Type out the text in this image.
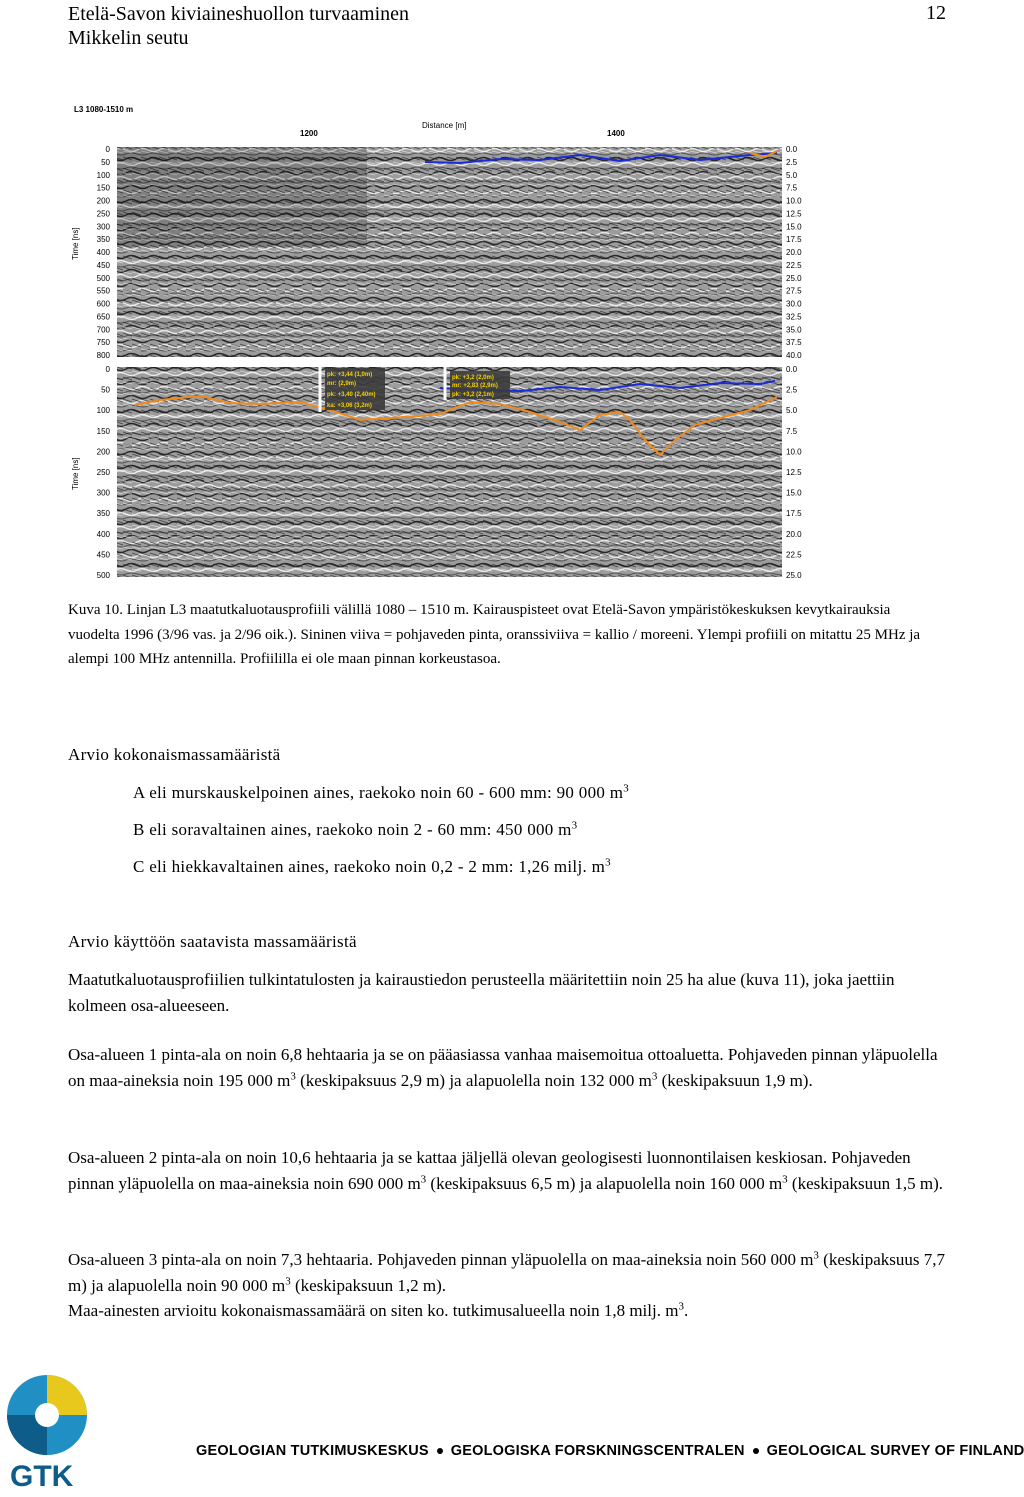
Etelä-Savon kiviaineshuollon turvaaminen
Mikkelin seutu
12
L3 1080-1510 m
Distance [m]
1200	1400
Time [ns]
0
50
100
150
200
250
300
350
400
450
500
550
600
650
700
750
800
0.0
2.5
5.0
7.5
10.0
12.5
15.0
17.5
20.0
22.5
25.0
27.5
30.0
32.5
35.0
37.5
40.0
Time [ns]
0
50
100
150
200
250
300
350
400
450
500
0.0
2.5
5.0
7.5
10.0
12.5
15.0
17.5
20.0
22.5
25.0
pk: +3,44 (1,0m)
mr: (2,9m)
pk: +3,40 (2,40m)
ka: +3,06 (3,2m)
pk: +3,2 (2,0m)
mr: +2,83 (2,9m)
pk: +3,2 (2,1m)
Kuva 10. Linjan L3 maatutkaluotausprofiili välillä 1080 – 1510 m. Kairauspisteet ovat Etelä-Savon ympäristökeskuksen kevytkairauksia vuodelta 1996 (3/96 vas. ja 2/96 oik.). Sininen viiva = pohjaveden pinta, oranssiviiva = kallio / moreeni. Ylempi profiili on mitattu 25 MHz ja alempi 100 MHz antennilla. Profiililla ei ole maan pinnan korkeustasoa.
Arvio kokonaismassamääristä
A eli murskauskelpoinen aines, raekoko noin 60 - 600 mm: 90 000 $m^3$
B eli soravaltainen aines, raekoko noin 2 - 60 mm: 450 000 $m^3$
C eli hiekkavaltainen aines, raekoko noin 0,2 - 2 mm: 1,26 milj. $m^3$
Arvio käyttöön saatavista massamääristä

Maatutkaluotausprofiilien tulkintatulosten ja kairaustiedon perusteella määritettiin noin 25 ha alue (kuva 11), joka jaettiin kolmeen osa-alueeseen.

Osa-alueen 1 pinta-ala on noin 6,8 hehtaaria ja se on pääasiassa vanhaa maisemoitua ottoaluetta. Pohjaveden pinnan yläpuolella on maa-aineksia noin 195 000 $m^3$ (keskipaksuus 2,9 m) ja alapuolella noin 132 000 $m^3$ (keskipaksuun 1,9 m).

Osa-alueen 2 pinta-ala on noin 10,6 hehtaaria ja se kattaa jäljellä olevan geologisesti luonnontilaisen keskiosan. Pohjaveden pinnan yläpuolella on maa-aineksia noin 690 000 $m^3$ (keskipaksuus 6,5 m) ja alapuolella noin 160 000 $m^3$ (keskipaksuun 1,5 m).

Osa-alueen 3 pinta-ala on noin 7,3 hehtaaria. Pohjaveden pinnan yläpuolella on maa-aineksia noin 560 000 $m^3$ (keskipaksuus 7,7 m) ja alapuolella noin 90 000 $m^3$ (keskipaksuun 1,2 m).

Maa-ainesten arvioitu kokonaismassamäärä on siten ko. tutkimusalueella noin 1,8 milj. $m^3$.

GTK
GEOLOGIAN TUTKIMUSKESKUS GEOLOGISKA FORSKNINGSCENTRALEN GEOLOGICAL SURVEY OF FINLAND
